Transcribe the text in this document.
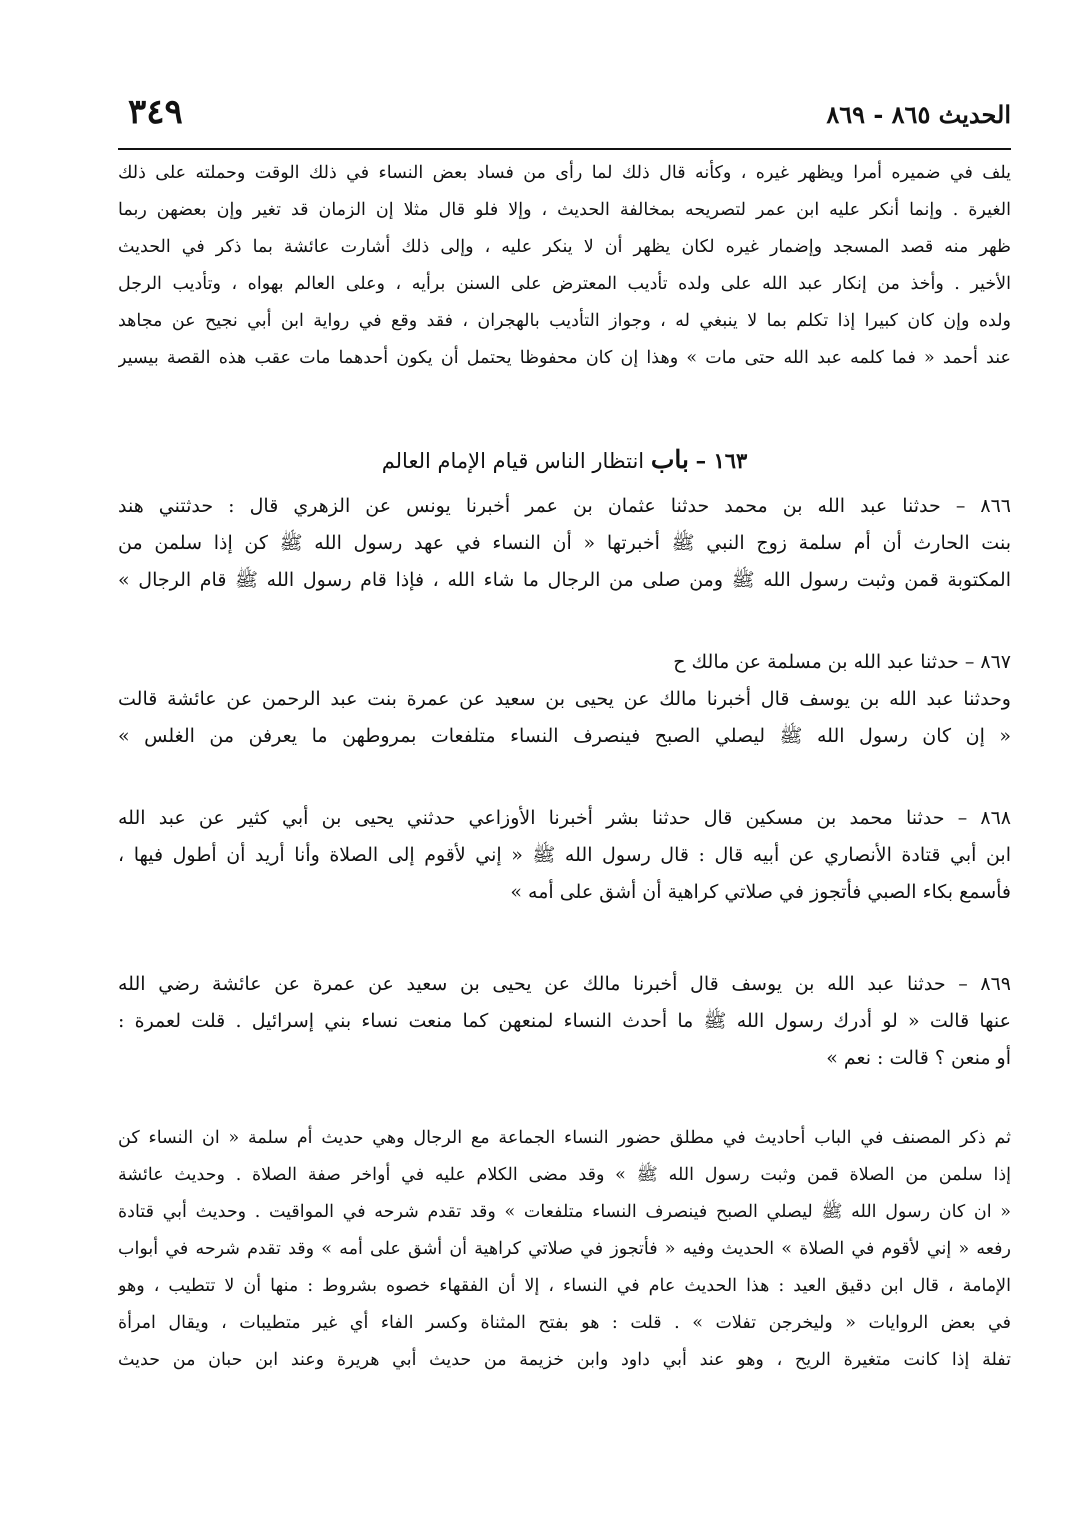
٣٤٩	الحديث ٨٦٥ - ٨٦٩
يلف في ضميره أمرا ويظهر غيره ، وكأنه قال ذلك لما رأى من فساد بعض النساء في ذلك الوقت وحملته على ذلك
الغيرة . وإنما أنكر عليه ابن عمر لتصريحه بمخالفة الحديث ، وإلا فلو قال مثلا إن الزمان قد تغير وإن بعضهن ربما
ظهر منه قصد المسجد وإضمار غيره لكان يظهر أن لا ينكر عليه ، وإلى ذلك أشارت عائشة بما ذكر في الحديث
الأخير . وأخذ من إنكار عبد الله على ولده تأديب المعترض على السنن برأيه ، وعلى العالم بهواه ، وتأديب الرجل
ولده وإن كان كبيرا إذا تكلم بما لا ينبغي له ، وجواز التأديب بالهجران ، فقد وقع في رواية ابن أبي نجيح عن مجاهد
عند أحمد « فما كلمه عبد الله حتى مات » وهذا إن كان محفوظا يحتمل أن يكون أحدهما مات عقب هذه القصة بيسير
١٦٣ – باب انتظار الناس قيام الإمام العالم
٨٦٦ – حدثنا عبد الله بن محمد حدثنا عثمان بن عمر أخبرنا يونس عن الزهري قال : حدثتني هند
بنت الحارث أن أم سلمة زوج النبي ﷺ أخبرتها « أن النساء في عهد رسول الله ﷺ كن إذا سلمن من
المكتوبة قمن وثبت رسول الله ﷺ ومن صلى من الرجال ما شاء الله ، فإذا قام رسول الله ﷺ قام الرجال »
٨٦٧ – حدثنا عبد الله بن مسلمة عن مالك ح
وحدثنا عبد الله بن يوسف قال أخبرنا مالك عن يحيى بن سعيد عن عمرة بنت عبد الرحمن عن عائشة قالت
« إن كان رسول الله ﷺ ليصلي الصبح فينصرف النساء متلفعات بمروطهن ما يعرفن من الغلس »
٨٦٨ – حدثنا محمد بن مسكين قال حدثنا بشر أخبرنا الأوزاعي حدثني يحيى بن أبي كثير عن عبد الله
ابن أبي قتادة الأنصاري عن أبيه قال : قال رسول الله ﷺ « إني لأقوم إلى الصلاة وأنا أريد أن أطول فيها ،
فأسمع بكاء الصبي فأتجوز في صلاتي كراهية أن أشق على أمه »
٨٦٩ – حدثنا عبد الله بن يوسف قال أخبرنا مالك عن يحيى بن سعيد عن عمرة عن عائشة رضي الله
عنها قالت « لو أدرك رسول الله ﷺ ما أحدث النساء لمنعهن كما منعت نساء بني إسرائيل . قلت لعمرة :
أو منعن ؟ قالت : نعم »
ثم ذكر المصنف في الباب أحاديث في مطلق حضور النساء الجماعة مع الرجال وهي حديث أم سلمة « ان النساء كن
إذا سلمن من الصلاة قمن وثبت رسول الله ﷺ » وقد مضى الكلام عليه في أواخر صفة الصلاة . وحديث عائشة
« ان كان رسول الله ﷺ ليصلي الصبح فينصرف النساء متلفعات » وقد تقدم شرحه في المواقيت . وحديث أبي قتادة
رفعه « إني لأقوم في الصلاة » الحديث وفيه « فأتجوز في صلاتي كراهية أن أشق على أمه » وقد تقدم شرحه في أبواب
الإمامة ، قال ابن دقيق العيد : هذا الحديث عام في النساء ، إلا أن الفقهاء خصوه بشروط : منها أن لا تتطيب ، وهو
في بعض الروايات « وليخرجن تفلات » . قلت : هو بفتح المثناة وكسر الفاء أي غير متطيبات ، ويقال امرأة
تفلة إذا كانت متغيرة الريح ، وهو عند أبي داود وابن خزيمة من حديث أبي هريرة وعند ابن حبان من حديث
